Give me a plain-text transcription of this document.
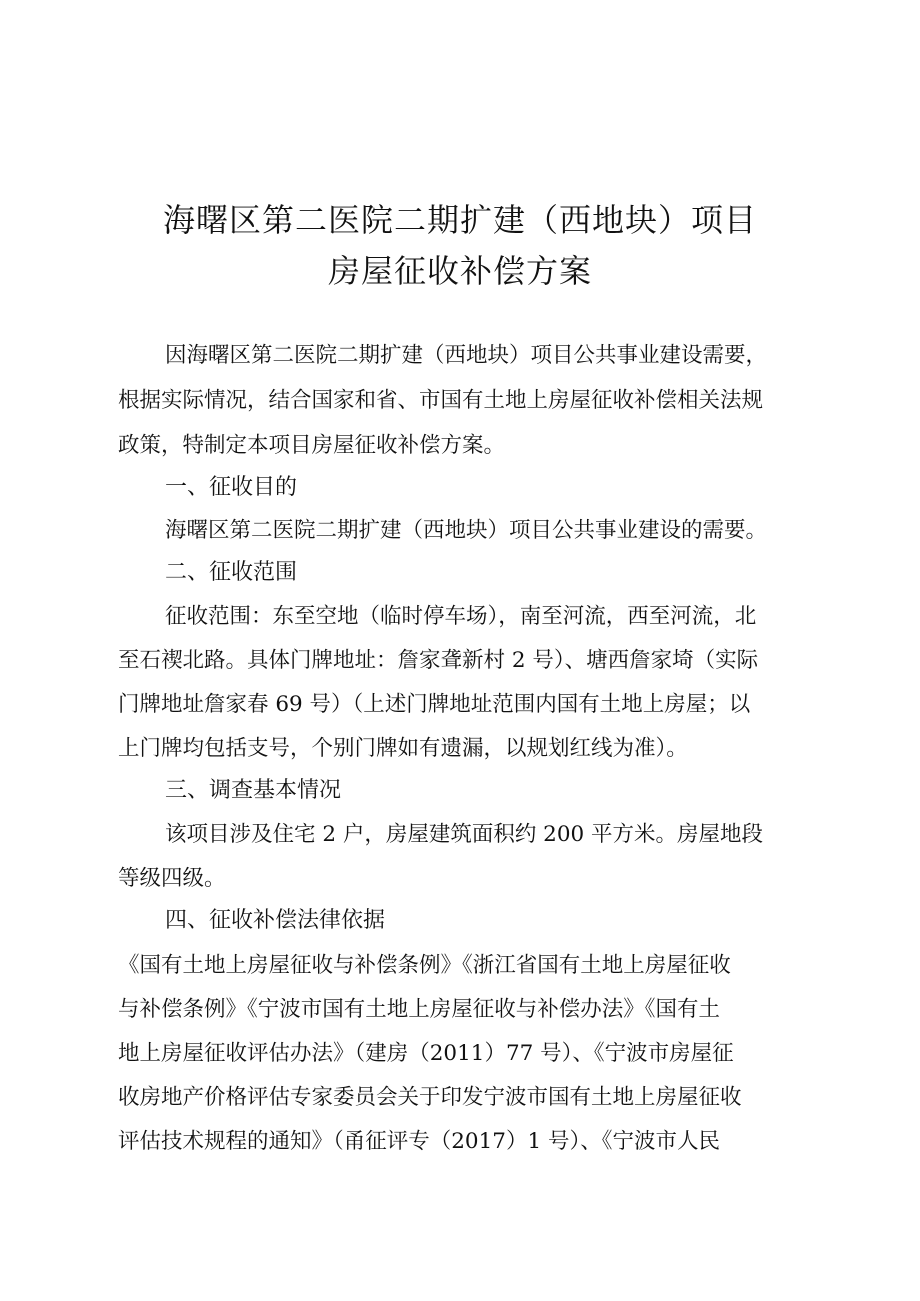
海曙区第二医院二期扩建（西地块）项目
房屋征收补偿方案
因海曙区第二医院二期扩建（西地块）项目公共事业建设需要，
根据实际情况，结合国家和省、市国有土地上房屋征收补偿相关法规
政策，特制定本项目房屋征收补偿方案。
一、征收目的
海曙区第二医院二期扩建（西地块）项目公共事业建设的需要。
二、征收范围
征收范围：东至空地（临时停车场），南至河流，西至河流，北
至石禊北路。具体门牌地址：詹家聋新村 2 号）、塘西詹家埼（实际
门牌地址詹家春 69 号）（上述门牌地址范围内国有土地上房屋；以
上门牌均包括支号，个别门牌如有遗漏，以规划红线为准）。
三、调查基本情况
该项目涉及住宅 2 户，房屋建筑面积约 200 平方米。房屋地段
等级四级。
四、征收补偿法律依据
《国有土地上房屋征收与补偿条例》《浙江省国有土地上房屋征收
与补偿条例》《宁波市国有土地上房屋征收与补偿办法》《国有土
地上房屋征收评估办法》（建房（2011）77 号）、《宁波市房屋征
收房地产价格评估专家委员会关于印发宁波市国有土地上房屋征收
评估技术规程的通知》（甬征评专（2017）1 号）、《宁波市人民
